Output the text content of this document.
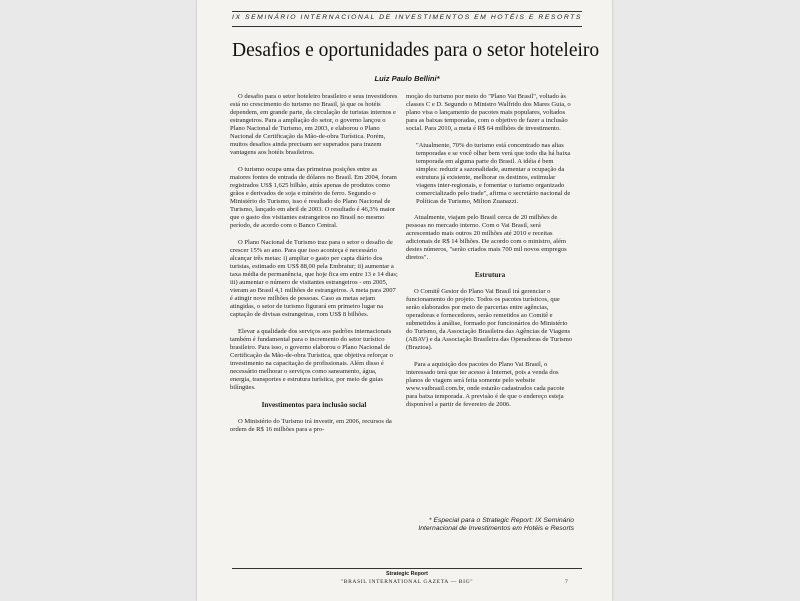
IX SEMINÁRIO INTERNACIONAL DE INVESTIMENTOS EM HOTÉIS E RESORTS
Desafios e oportunidades para o setor hoteleiro
Luiz Paulo Bellini*

O desafio para o setor hoteleiro brasileiro e seus investidores está no crescimento do turismo no Brasil, já que os hotéis dependem, em grande parte, da circulação de turistas internos e estrangeiros. Para a ampliação do setor, o governo lançou o Plano Nacional de Turismo, em 2003, e elaborou o Plano Nacional de Certificação da Mão-de-obra Turística. Porém, muitos desafios ainda precisam ser superados para trazem vantagens aos hotéis brasileiros.

O turismo ocupa uma das primeiras posições entre as maiores fontes de entrada de dólares no Brasil. Em 2004, foram registrados US$ 1,625 bilhão, atrás apenas de produtos como grãos e derivados de soja e minério de ferro. Segundo o Ministério do Turismo, isso é resultado do Plano Nacional de Turismo, lançado em abril de 2003. O resultado é 46,3% maior que o gasto dos visitantes estrangeiros no Brasil no mesmo período, de acordo com o Banco Central.

O Plano Nacional de Turismo traz para o setor o desafio de crescer 15% ao ano. Para que isso aconteça é necessário alcançar três metas: i) ampliar o gasto per capta diário dos turistas, estimado em US$ 88,00 pela Embratur; ii) aumentar a taxa média de permanência, que hoje fica em entre 13 e 14 dias; iii) aumentar o número de visitantes estrangeiros - em 2005, vieram ao Brasil 4,1 milhões de estrangeiros. A meta para 2007 é atingir nove milhões de pessoas. Caso as metas sejam atingidas, o setor de turismo figurará em primeiro lugar na captação de divisas estrangeiras, com US$ 8 bilhões.

Elevar a qualidade dos serviços aos padrões internacionais também é fundamental para o incremento do setor turístico brasileiro. Para isso, o governo elaborou o Plano Nacional de Certificação da Mão-de-obra Turística, que objetiva reforçar o investimento na capacitação de profissionais. Além disso é necessário melhorar o serviços como saneamento, água, energia, transportes e estrutura turística, por meio de guias bilíngües.

Investimentos para inclusão social

O Ministério do Turismo irá investir, em 2006, recursos da ordem de R$ 16 milhões para a pro-

moção do turismo por meio do "Plano Vai Brasil", voltado às classes C e D. Segundo o Ministro Walfrido dos Mares Guia, o plano visa o lançamento de pacotes mais populares, voltados para as baixas temporadas, com o objetivo de fazer a inclusão social. Para 2010, a meta é R$ 64 milhões de investimento.

"Atualmente, 70% do turismo está concentrado nas altas temporadas e se você olhar bem verá que todo dia há baixa temporada em alguma parte do Brasil. A idéia é bem simples: reduzir a sazonalidade, aumentar a ocupação da estrutura já existente, melhorar os destinos, estimular viagens inter-regionais, e fomentar o turismo organizado comercializado pelo trade", afirma o secretário nacional de Políticas de Turismo, Milton Zuanazzi.

Atualmente, viajam pelo Brasil cerca de 20 milhões de pessoas no mercado interno. Com o Vai Brasil, será acrescentado mais outros 20 milhões até 2010 e receitas adicionais de R$ 14 bilhões. De acordo com o ministro, além destes números, "serão criados mais 700 mil novos empregos diretos".

Estrutura

O Comitê Gestor do Plano Vai Brasil irá gerenciar o funcionamento do projeto. Todos os pacotes turísticos, que serão elaborados por meio de parcerias entre agências, operadoras e fornecedores, serão remetidos ao Comitê e submetidos à análise, formado por funcionários do Ministério do Turismo, da Associação Brasileira das Agências de Viagens (ABAV) e da Associação Brasileira das Operadoras de Turismo (Braztoa).

Para a aquisição dos pacotes do Plano Vai Brasil, o interessado terá que ter acesso à Internet, pois a venda dos planos de viagem será feita somente pelo website www.vaibrasil.com.br, onde estarão cadastrados cada pacote para baixa temporada. A previsão é de que o endereço esteja disponível a partir de fevereiro de 2006.

* Especial para o Strategic Report: IX Seminário Internacional de Investimentos em Hotéis e Resorts
Strategic Report
"BRASIL INTERNATIONAL GAZETA — BIG"	7
